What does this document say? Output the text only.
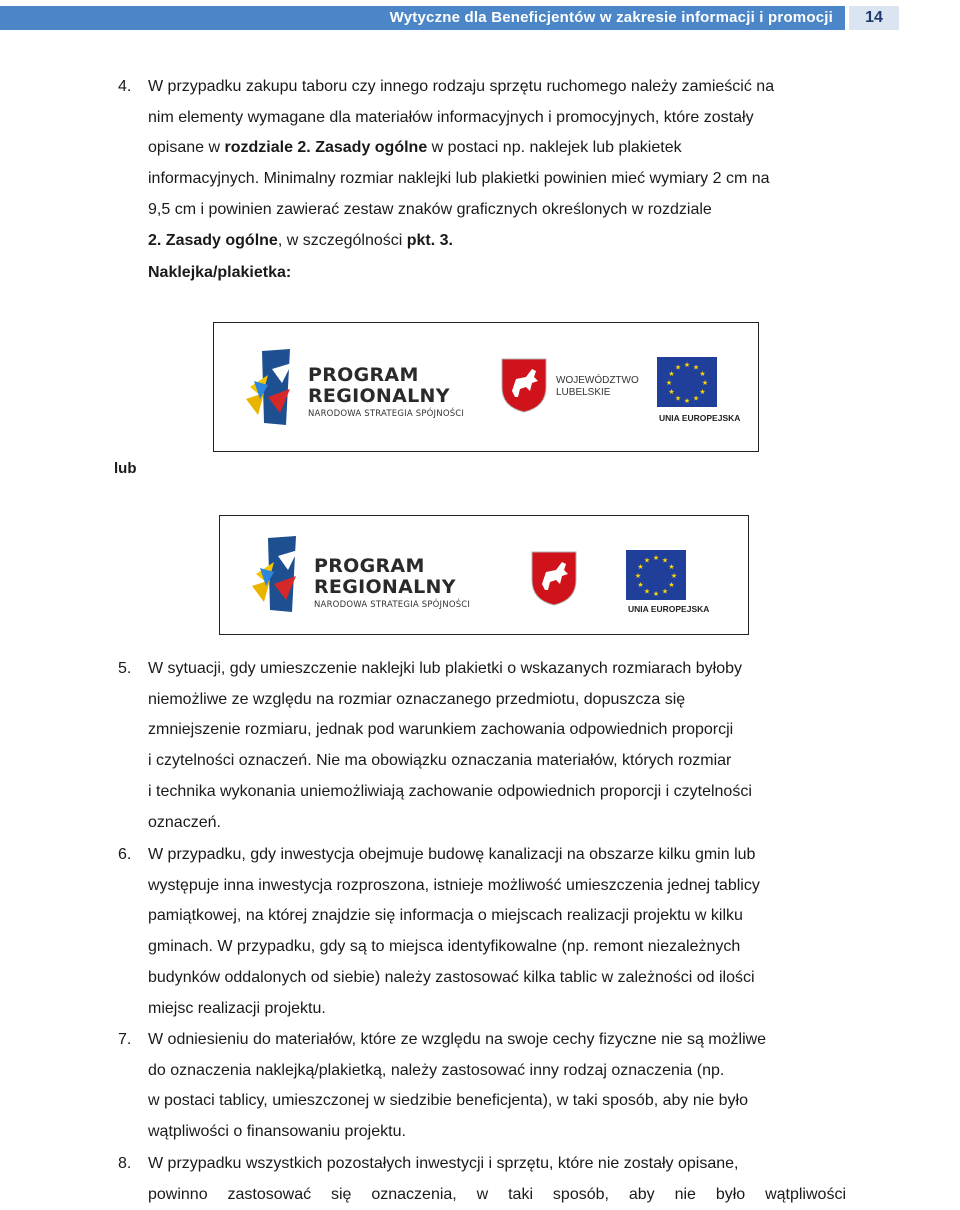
Wytyczne dla Beneficjentów w zakresie informacji i promocji	14
4. W przypadku zakupu taboru czy innego rodzaju sprzętu ruchomego należy zamieścić na
nim elementy wymagane dla materiałów informacyjnych i promocyjnych, które zostały
opisane w rozdziale 2. Zasady ogólne w postaci np. naklejek lub plakietek
informacyjnych. Minimalny rozmiar naklejki lub plakietki powinien mieć wymiary 2 cm na
9,5 cm i powinien zawierać zestaw znaków graficznych określonych w rozdziale
2. Zasady ogólne, w szczególności pkt. 3.
Naklejka/plakietka:
PROGRAM
REGIONALNY
NARODOWA STRATEGIA SPÓJNOŚCI
WOJEWÓDZTWO
LUBELSKIE
★ ★
★
★
★
★
★
★
★
★
★
★
UNIA EUROPEJSKA
lub
PROGRAM
REGIONALNY
NARODOWA STRATEGIA SPÓJNOŚCI
★ ★
★
★
★
★
★
★
★
★
★
★
UNIA EUROPEJSKA
5. W sytuacji, gdy umieszczenie naklejki lub plakietki o wskazanych rozmiarach byłoby
niemożliwe ze względu na rozmiar oznaczanego przedmiotu, dopuszcza się
zmniejszenie rozmiaru, jednak pod warunkiem zachowania odpowiednich proporcji
i czytelności oznaczeń. Nie ma obowiązku oznaczania materiałów, których rozmiar
i technika wykonania uniemożliwiają zachowanie odpowiednich proporcji i czytelności
oznaczeń.
6. W przypadku, gdy inwestycja obejmuje budowę kanalizacji na obszarze kilku gmin lub
występuje inna inwestycja rozproszona, istnieje możliwość umieszczenia jednej tablicy
pamiątkowej, na której znajdzie się informacja o miejscach realizacji projektu w kilku
gminach. W przypadku, gdy są to miejsca identyfikowalne (np. remont niezależnych
budynków oddalonych od siebie) należy zastosować kilka tablic w zależności od ilości
miejsc realizacji projektu.
7. W odniesieniu do materiałów, które ze względu na swoje cechy fizyczne nie są możliwe
do oznaczenia naklejką/plakietką, należy zastosować inny rodzaj oznaczenia (np.
w postaci tablicy, umieszczonej w siedzibie beneficjenta), w taki sposób, aby nie było
wątpliwości o finansowaniu projektu.
8. W przypadku wszystkich pozostałych inwestycji i sprzętu, które nie zostały opisane,
powinno zastosować się oznaczenia, w taki sposób, aby nie było wątpliwości
